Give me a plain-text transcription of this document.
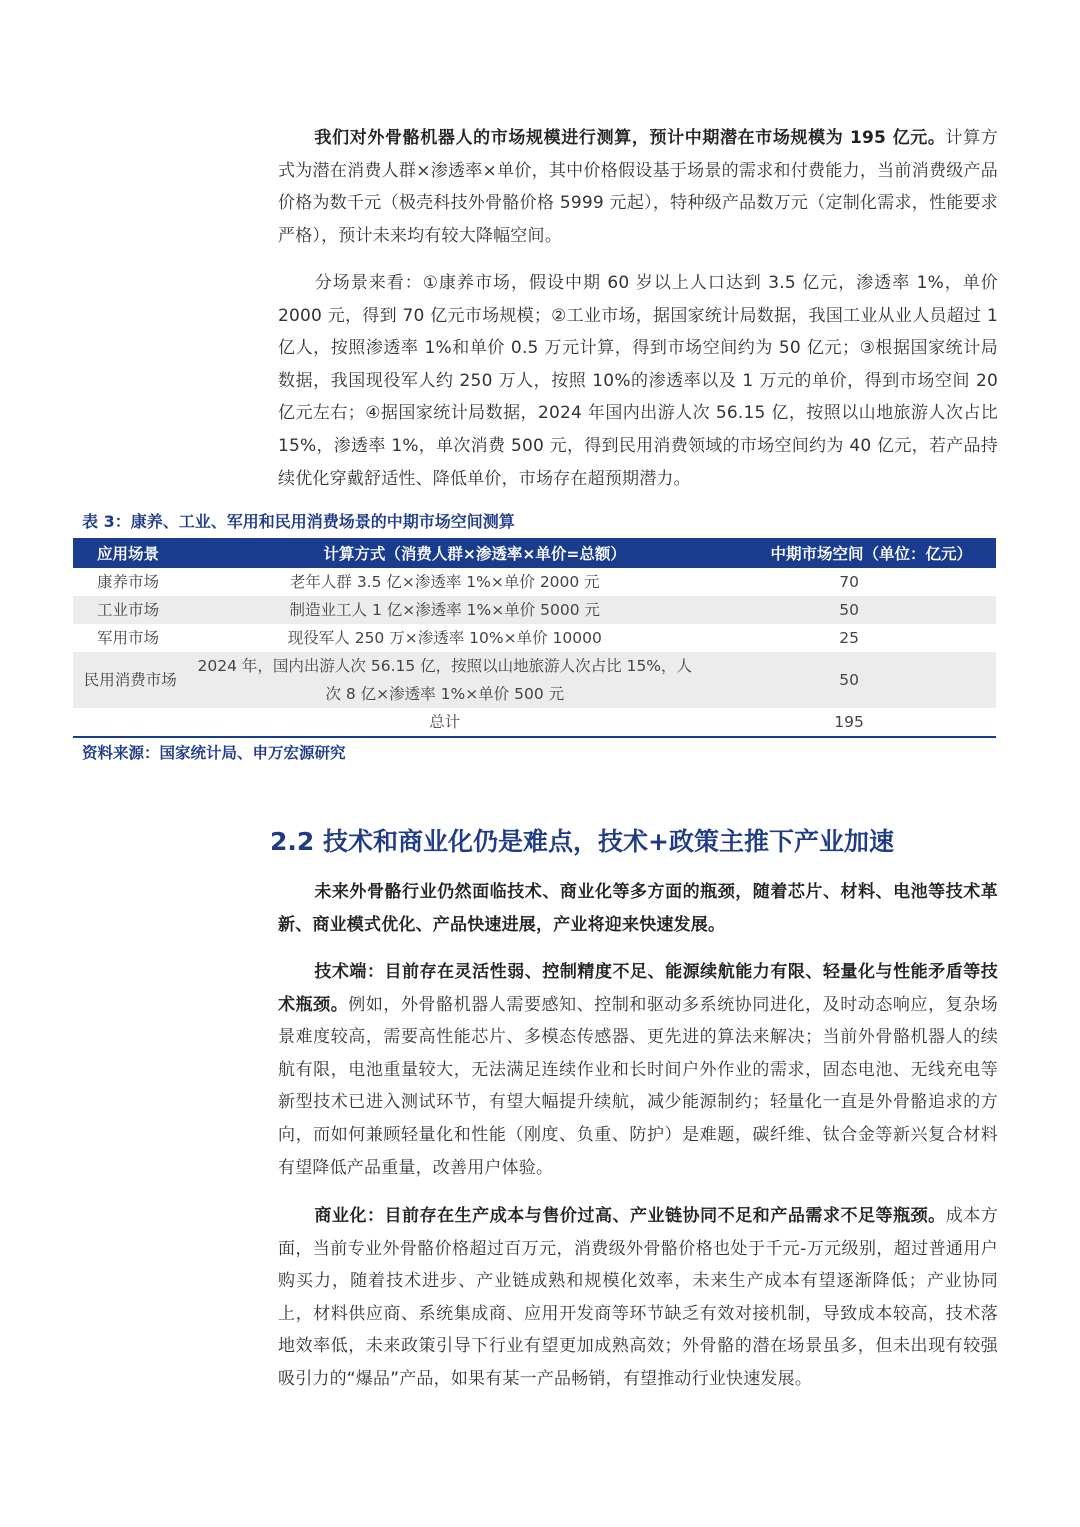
我们对外骨骼机器人的市场规模进行测算，预计中期潜在市场规模为 195 亿元。计算方式为潜在消费人群×渗透率×单价，其中价格假设基于场景的需求和付费能力，当前消费级产品价格为数千元（极壳科技外骨骼价格 5999 元起），特种级产品数万元（定制化需求，性能要求严格），预计未来均有较大降幅空间。

分场景来看：①康养市场，假设中期 60 岁以上人口达到 3.5 亿元，渗透率 1%，单价 2000 元，得到 70 亿元市场规模；②工业市场，据国家统计局数据，我国工业从业人员超过 1 亿人，按照渗透率 1%和单价 0.5 万元计算，得到市场空间约为 50 亿元；③根据国家统计局数据，我国现役军人约 250 万人，按照 10%的渗透率以及 1 万元的单价，得到市场空间 20 亿元左右；④据国家统计局数据，2024 年国内出游人次 56.15 亿，按照以山地旅游人次占比 15%，渗透率 1%，单次消费 500 元，得到民用消费领域的市场空间约为 40 亿元，若产品持续优化穿戴舒适性、降低单价，市场存在超预期潜力。

表 3：康养、工业、军用和民用消费场景的中期市场空间测算

应用场景	计算方式（消费人群×渗透率×单价=总额）	中期市场空间（单位：亿元）
康养市场	老年人群 3.5 亿×渗透率 1%×单价 2000 元	70
工业市场	制造业工人 1 亿×渗透率 1%×单价 5000 元	50
军用市场	现役军人 250 万×渗透率 10%×单价 10000	25
民用消费市场	2024 年，国内出游人次 56.15 亿，按照以山地旅游人次占比 15%，人次 8 亿×渗透率 1%×单价 500 元	50
	总计	195

资料来源：国家统计局、申万宏源研究

2.2 技术和商业化仍是难点，技术+政策主推下产业加速

未来外骨骼行业仍然面临技术、商业化等多方面的瓶颈，随着芯片、材料、电池等技术革新、商业模式优化、产品快速进展，产业将迎来快速发展。

技术端：目前存在灵活性弱、控制精度不足、能源续航能力有限、轻量化与性能矛盾等技术瓶颈。例如，外骨骼机器人需要感知、控制和驱动多系统协同进化，及时动态响应，复杂场景难度较高，需要高性能芯片、多模态传感器、更先进的算法来解决；当前外骨骼机器人的续航有限，电池重量较大，无法满足连续作业和长时间户外作业的需求，固态电池、无线充电等新型技术已进入测试环节，有望大幅提升续航，减少能源制约；轻量化一直是外骨骼追求的方向，而如何兼顾轻量化和性能（刚度、负重、防护）是难题，碳纤维、钛合金等新兴复合材料有望降低产品重量，改善用户体验。

商业化：目前存在生产成本与售价过高、产业链协同不足和产品需求不足等瓶颈。成本方面，当前专业外骨骼价格超过百万元，消费级外骨骼价格也处于千元-万元级别，超过普通用户购买力，随着技术进步、产业链成熟和规模化效率，未来生产成本有望逐渐降低；产业协同上，材料供应商、系统集成商、应用开发商等环节缺乏有效对接机制，导致成本较高，技术落地效率低，未来政策引导下行业有望更加成熟高效；外骨骼的潜在场景虽多，但未出现有较强吸引力的“爆品”产品，如果有某一产品畅销，有望推动行业快速发展。
